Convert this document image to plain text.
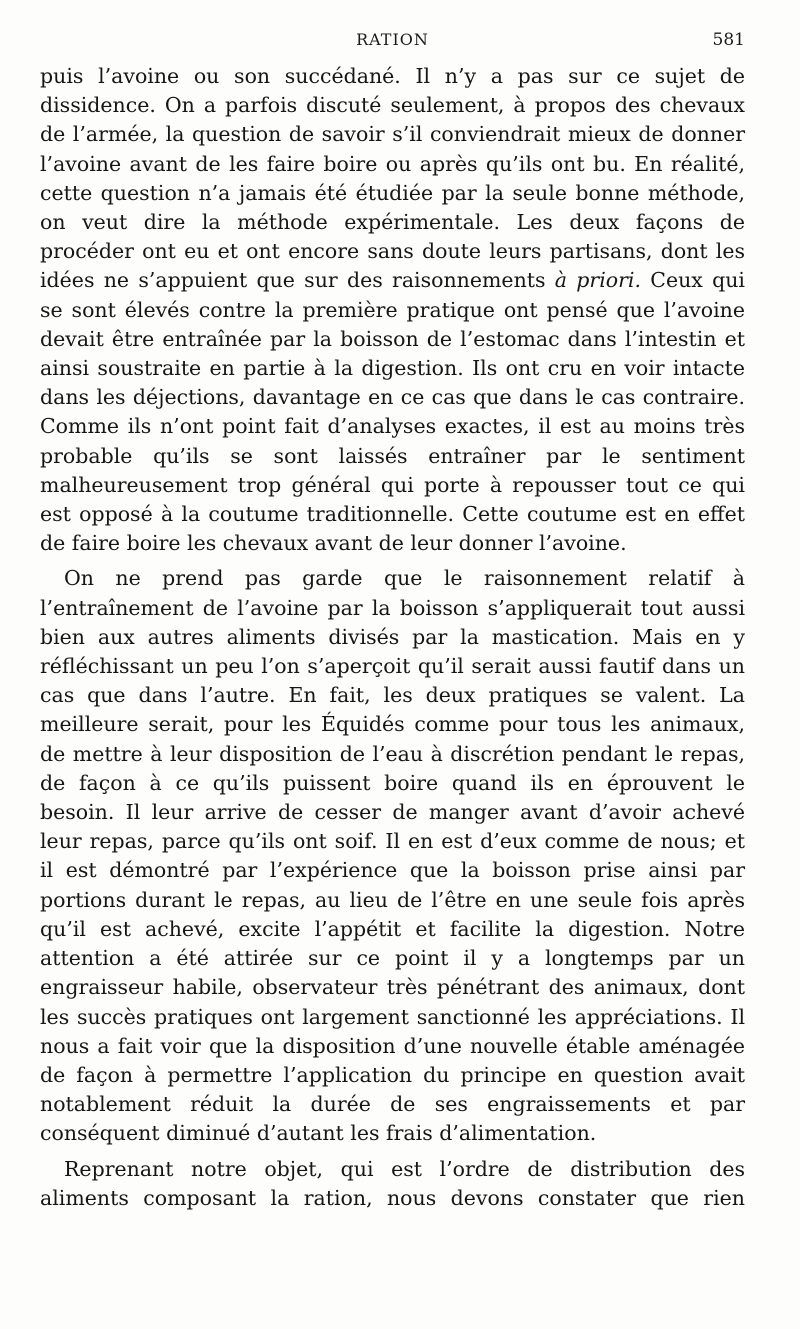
RATION	581

puis l’avoine ou son succédané. Il n’y a pas sur ce sujet de dissidence. On a parfois discuté seulement, à propos des chevaux de l’armée, la question de savoir s’il conviendrait mieux de donner l’avoine avant de les faire boire ou après qu’ils ont bu. En réalité, cette question n’a jamais été étudiée par la seule bonne méthode, on veut dire la méthode expérimentale. Les deux façons de procéder ont eu et ont encore sans doute leurs partisans, dont les idées ne s’appuient que sur des raisonnements à priori. Ceux qui se sont élevés contre la première pratique ont pensé que l’avoine devait être entraînée par la boisson de l’estomac dans l’intestin et ainsi soustraite en partie à la digestion. Ils ont cru en voir intacte dans les déjections, davantage en ce cas que dans le cas contraire. Comme ils n’ont point fait d’analyses exactes, il est au moins très probable qu’ils se sont laissés entraîner par le sentiment malheureusement trop général qui porte à repousser tout ce qui est opposé à la coutume traditionnelle. Cette coutume est en effet de faire boire les chevaux avant de leur donner l’avoine.

On ne prend pas garde que le raisonnement relatif à l’entraînement de l’avoine par la boisson s’appliquerait tout aussi bien aux autres aliments divisés par la mastication. Mais en y réfléchissant un peu l’on s’aperçoit qu’il serait aussi fautif dans un cas que dans l’autre. En fait, les deux pratiques se valent. La meilleure serait, pour les Équidés comme pour tous les animaux, de mettre à leur disposition de l’eau à discrétion pendant le repas, de façon à ce qu’ils puissent boire quand ils en éprouvent le besoin. Il leur arrive de cesser de manger avant d’avoir achevé leur repas, parce qu’ils ont soif. Il en est d’eux comme de nous; et il est démontré par l’expérience que la boisson prise ainsi par portions durant le repas, au lieu de l’être en une seule fois après qu’il est achevé, excite l’appétit et facilite la digestion. Notre attention a été attirée sur ce point il y a longtemps par un engraisseur habile, observateur très pénétrant des animaux, dont les succès pratiques ont largement sanctionné les appréciations. Il nous a fait voir que la disposition d’une nouvelle étable aménagée de façon à permettre l’application du principe en question avait notablement réduit la durée de ses engraissements et par conséquent diminué d’autant les frais d’alimentation.

Reprenant notre objet, qui est l’ordre de distribution des aliments composant la ration, nous devons constater que rien
